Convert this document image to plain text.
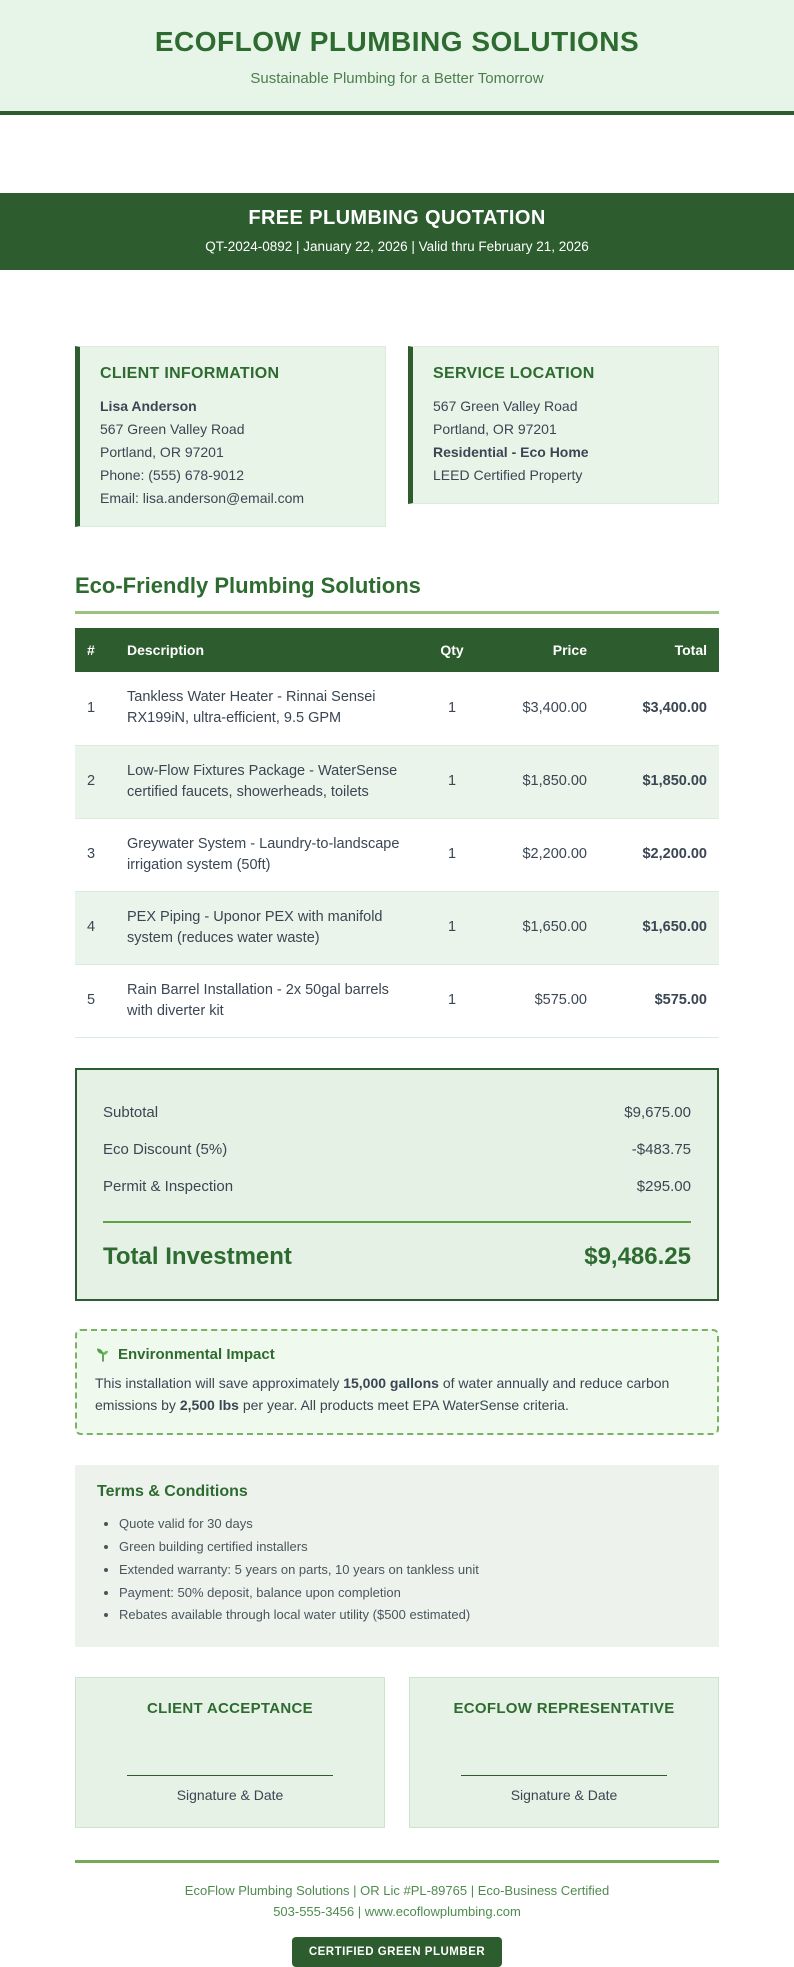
ECOFLOW PLUMBING SOLUTIONS
Sustainable Plumbing for a Better Tomorrow
FREE PLUMBING QUOTATION
QT-2024-0892 | January 22, 2026 | Valid thru February 21, 2026
CLIENT INFORMATION

Lisa Anderson

567 Green Valley Road

Portland, OR 97201

Phone: (555) 678-9012

Email: lisa.anderson@email.com

SERVICE LOCATION

567 Green Valley Road

Portland, OR 97201

Residential - Eco Home

LEED Certified Property

Eco-Friendly Plumbing Solutions
#	Description	Qty	Price	Total
1	Tankless Water Heater - Rinnai Sensei RX199iN, ultra-efficient, 9.5 GPM	1	$3,400.00	$3,400.00
2	Low-Flow Fixtures Package - WaterSense certified faucets, showerheads, toilets	1	$1,850.00	$1,850.00
3	Greywater System - Laundry-to-landscape irrigation system (50ft)	1	$2,200.00	$2,200.00
4	PEX Piping - Uponor PEX with manifold system (reduces water waste)	1	$1,650.00	$1,650.00
5	Rain Barrel Installation - 2x 50gal barrels with diverter kit	1	$575.00	$575.00
Subtotal	$9,675.00
Eco Discount (5%)	-$483.75
Permit & Inspection	$295.00
Total Investment	$9,486.25
Environmental Impact

This installation will save approximately 15,000 gallons of water annually and reduce carbon emissions by 2,500 lbs per year. All products meet EPA WaterSense criteria.

Terms & Conditions
• Quote valid for 30 days
• Green building certified installers
• Extended warranty: 5 years on parts, 10 years on tankless unit
• Payment: 50% deposit, balance upon completion
• Rebates available through local water utility ($500 estimated)
CLIENT ACCEPTANCE
Signature & Date
ECOFLOW REPRESENTATIVE
Signature & Date

EcoFlow Plumbing Solutions | OR Lic #PL-89765 | Eco-Business Certified

503-555-3456 | www.ecoflowplumbing.com

CERTIFIED GREEN PLUMBER
